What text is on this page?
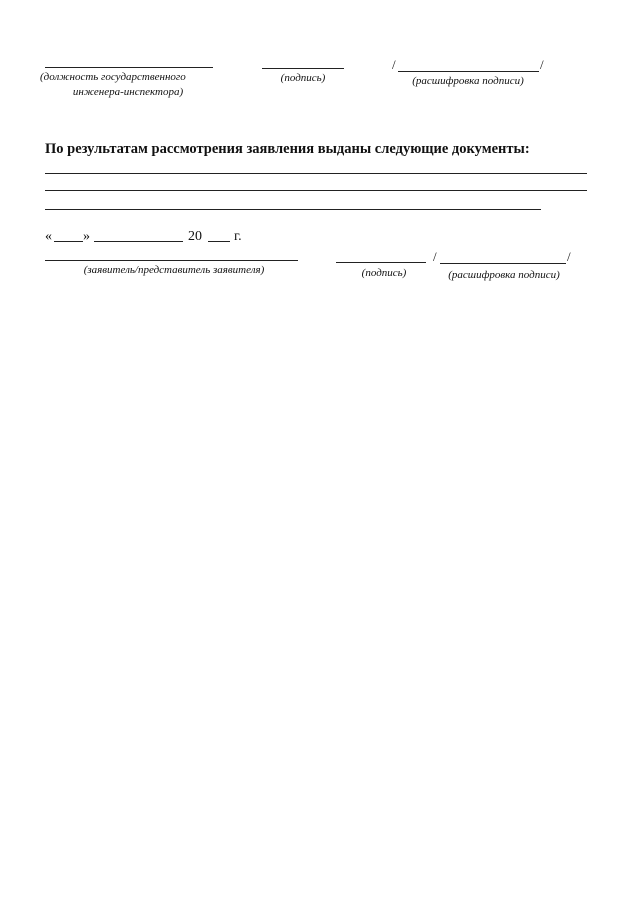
(должность государственного
инженера-инспектора)
(подпись)
/	/
(расшифровка подписи)
По результатам рассмотрения заявления выданы следующие документы:
« »	20 г.
(заявитель/представитель заявителя)	(подпись)
/	/
(расшифровка подписи)
